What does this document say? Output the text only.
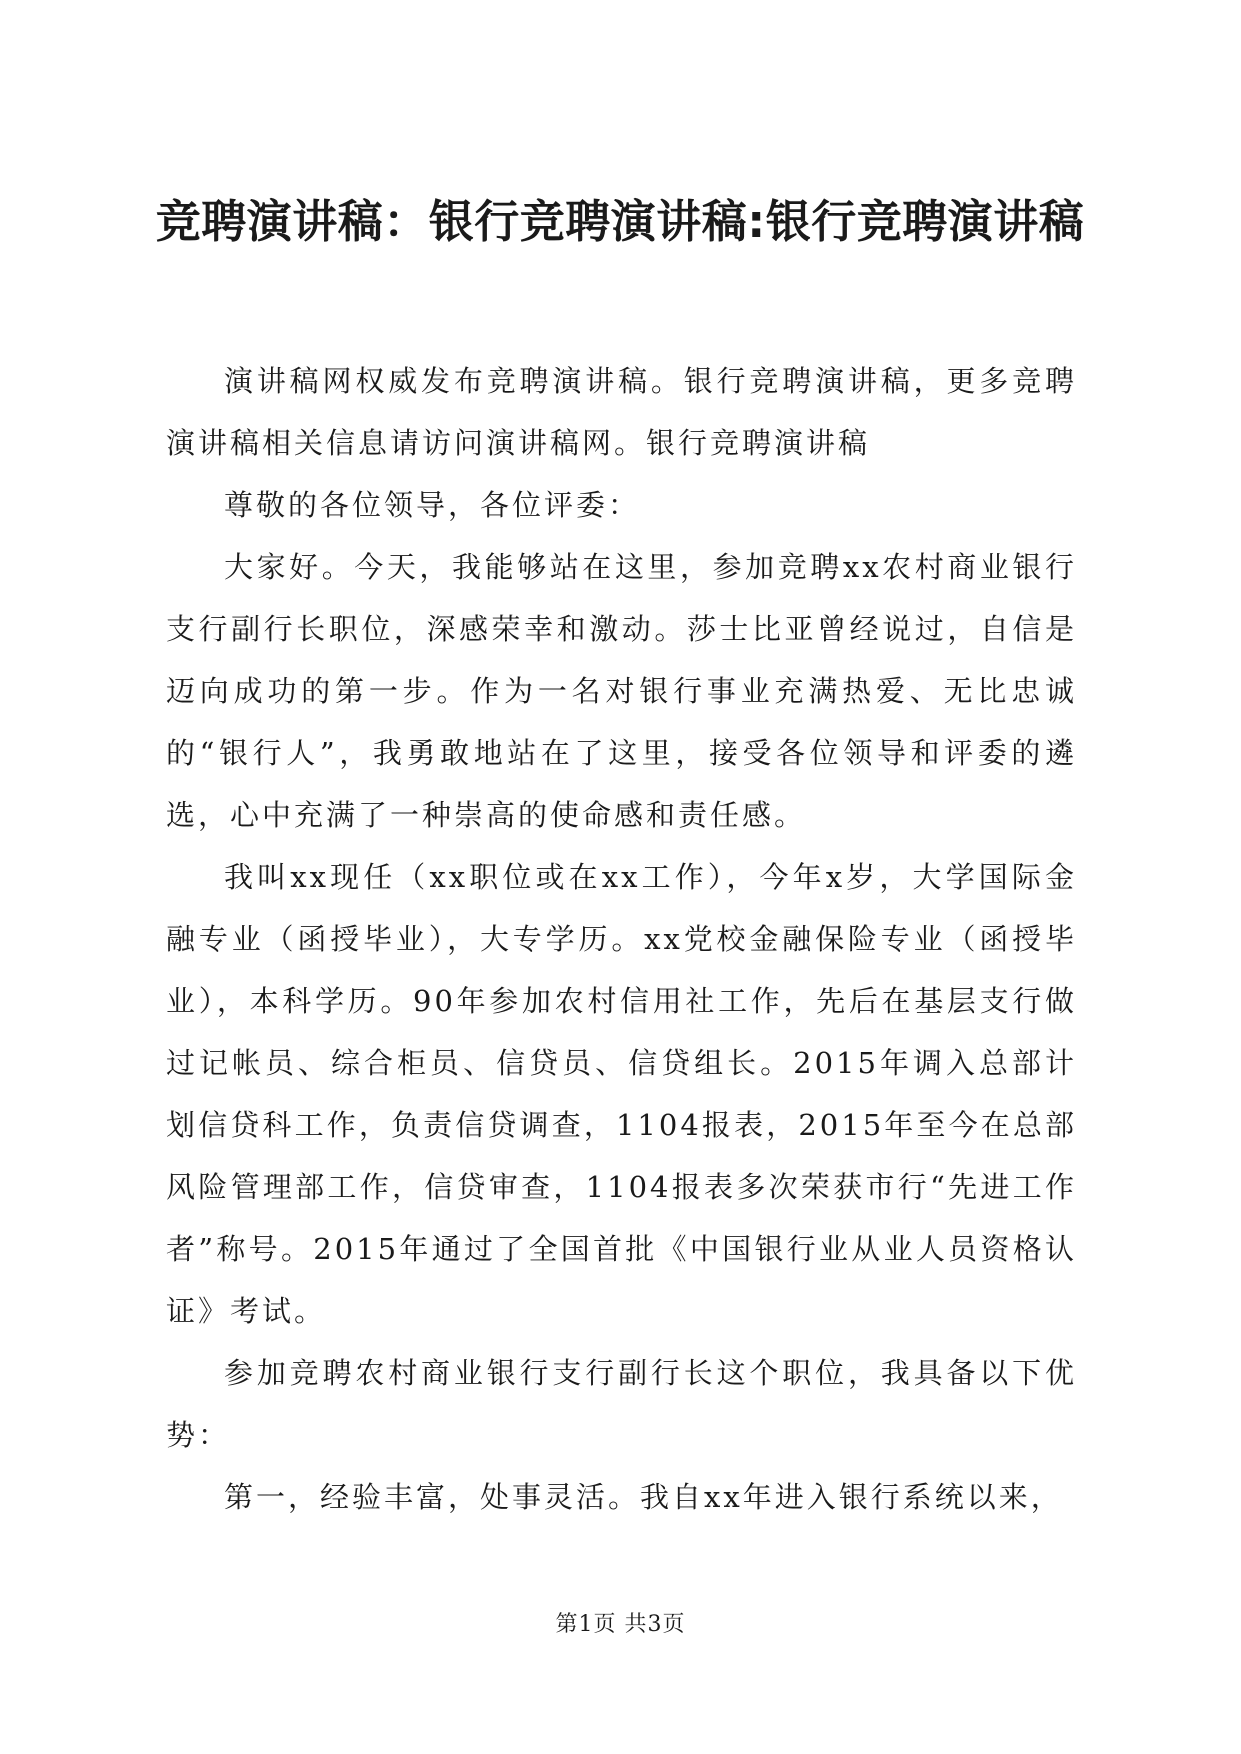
竞聘演讲稿：银行竞聘演讲稿:银行竞聘演讲稿

演讲稿网权威发布竞聘演讲稿。银行竞聘演讲稿，更多竞聘演讲稿相关信息请访问演讲稿网。银行竞聘演讲稿

尊敬的各位领导，各位评委：

大家好。今天，我能够站在这里，参加竞聘xx农村商业银行支行副行长职位，深感荣幸和激动。莎士比亚曾经说过，自信是迈向成功的第一步。作为一名对银行事业充满热爱、无比忠诚的“银行人”，我勇敢地站在了这里，接受各位领导和评委的遴选，心中充满了一种崇高的使命感和责任感。

我叫xx现任（xx职位或在xx工作），今年x岁，大学国际金融专业（函授毕业），大专学历。xx党校金融保险专业（函授毕业），本科学历。90年参加农村信用社工作，先后在基层支行做过记帐员、综合柜员、信贷员、信贷组长。2015年调入总部计划信贷科工作，负责信贷调查，1104报表，2015年至今在总部风险管理部工作，信贷审查，1104报表多次荣获市行“先进工作者”称号。2015年通过了全国首批《中国银行业从业人员资格认证》考试。

参加竞聘农村商业银行支行副行长这个职位，我具备以下优势：

第一，经验丰富，处事灵活。我自xx年进入银行系统以来，

第1页 共3页
